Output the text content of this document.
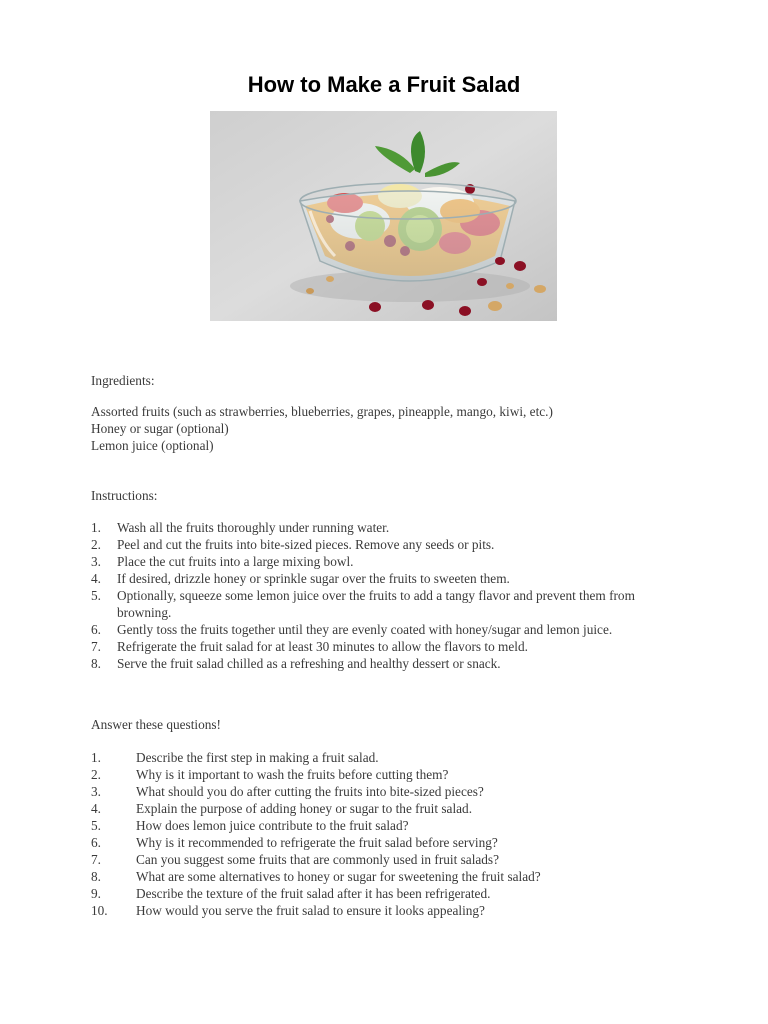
How to Make a Fruit Salad
Ingredients:
Assorted fruits (such as strawberries, blueberries, grapes, pineapple, mango, kiwi, etc.)
Honey or sugar (optional)
Lemon juice (optional)
Instructions:
1. Wash all the fruits thoroughly under running water.
2. Peel and cut the fruits into bite-sized pieces. Remove any seeds or pits.
3. Place the cut fruits into a large mixing bowl.
4. If desired, drizzle honey or sprinkle sugar over the fruits to sweeten them.
5. Optionally, squeeze some lemon juice over the fruits to add a tangy flavor and prevent them from browning.
6. Gently toss the fruits together until they are evenly coated with honey/sugar and lemon juice.
7. Refrigerate the fruit salad for at least 30 minutes to allow the flavors to meld.
8. Serve the fruit salad chilled as a refreshing and healthy dessert or snack.
Answer these questions!
1.	Describe the first step in making a fruit salad.
2.	Why is it important to wash the fruits before cutting them?
3.	What should you do after cutting the fruits into bite-sized pieces?
4.	Explain the purpose of adding honey or sugar to the fruit salad.
5.	How does lemon juice contribute to the fruit salad?
6.	Why is it recommended to refrigerate the fruit salad before serving?
7.	Can you suggest some fruits that are commonly used in fruit salads?
8.	What are some alternatives to honey or sugar for sweetening the fruit salad?
9.	Describe the texture of the fruit salad after it has been refrigerated.
10. How would you serve the fruit salad to ensure it looks appealing?
